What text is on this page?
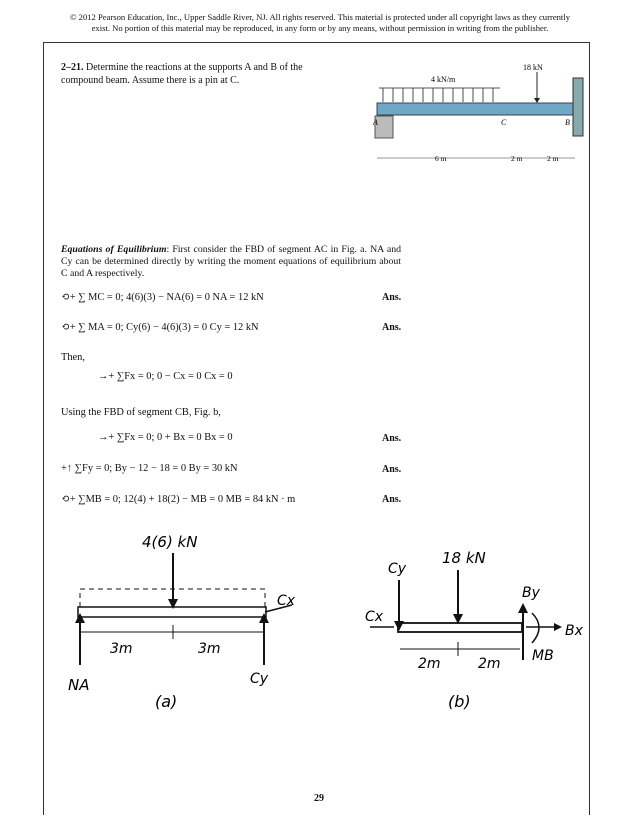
© 2012 Pearson Education, Inc., Upper Saddle River, NJ. All rights reserved. This material is protected under all copyright laws as they currently
exist. No portion of this material may be reproduced, in any form or by any means, without permission in writing from the publisher.
2–21. Determine the reactions at the supports A and B of the compound beam. Assume there is a pin at C.
18 kN
4 kN/m
A	C	B
6 m	2 m	2 m
Equations of Equilibrium: First consider the FBD of segment AC in Fig. a. NA and Cy can be determined directly by writing the moment equations of equilibrium about C and A respectively.
⟲+ ∑ MC = 0; 4(6)(3) − NA(6) = 0 NA = 12 kN	Ans.
⟲+ ∑ MA = 0; Cy(6) − 4(6)(3) = 0 Cy = 12 kN	Ans.
Then,
→+ ∑Fx = 0; 0 − Cx = 0 Cx = 0
Using the FBD of segment CB, Fig. b,
→+ ∑Fx = 0; 0 + Bx = 0 Bx = 0	Ans.
+↑ ∑Fy = 0; By − 12 − 18 = 0 By = 30 kN	Ans.
⟲+ ∑MB = 0; 12(4) + 18(2) − MB = 0 MB = 84 kN · m	Ans.
4(6) kN
Cx
Cy
NA
3m	3m
(a)
Cy
18 kN
Cx
By
Bx
MB
2m	2m
(b)
29
